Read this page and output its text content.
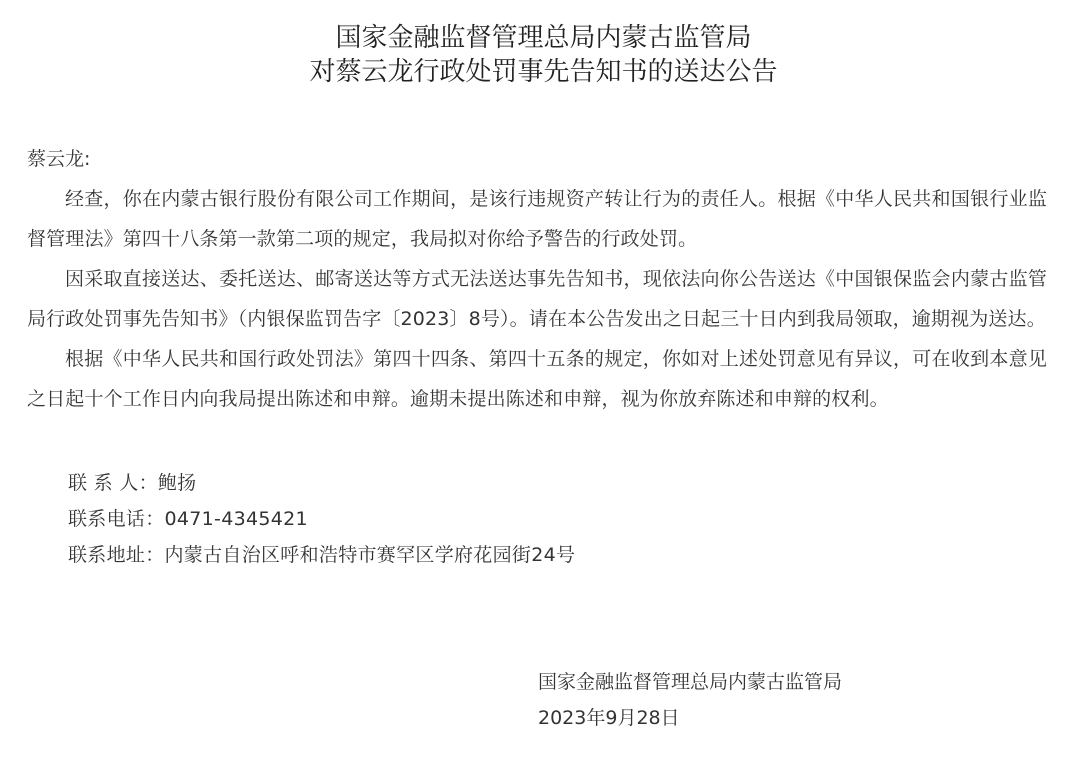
国家金融监督管理总局内蒙古监管局
对蔡云龙行政处罚事先告知书的送达公告

蔡云龙:

经查，你在内蒙古银行股份有限公司工作期间，是该行违规资产转让行为的责任人。根据《中华人民共和国银行业监督管理法》第四十八条第一款第二项的规定，我局拟对你给予警告的行政处罚。

因采取直接送达、委托送达、邮寄送达等方式无法送达事先告知书，现依法向你公告送达《中国银保监会内蒙古监管局行政处罚事先告知书》（内银保监罚告字〔2023〕8号）。请在本公告发出之日起三十日内到我局领取，逾期视为送达。

根据《中华人民共和国行政处罚法》第四十四条、第四十五条的规定，你如对上述处罚意见有异议，可在收到本意见之日起十个工作日内向我局提出陈述和申辩。逾期未提出陈述和申辩，视为你放弃陈述和申辩的权利。

联 系 人：鲍扬

联系电话：0471-4345421

联系地址：内蒙古自治区呼和浩特市赛罕区学府花园街24号

国家金融监督管理总局内蒙古监管局

2023年9月28日
